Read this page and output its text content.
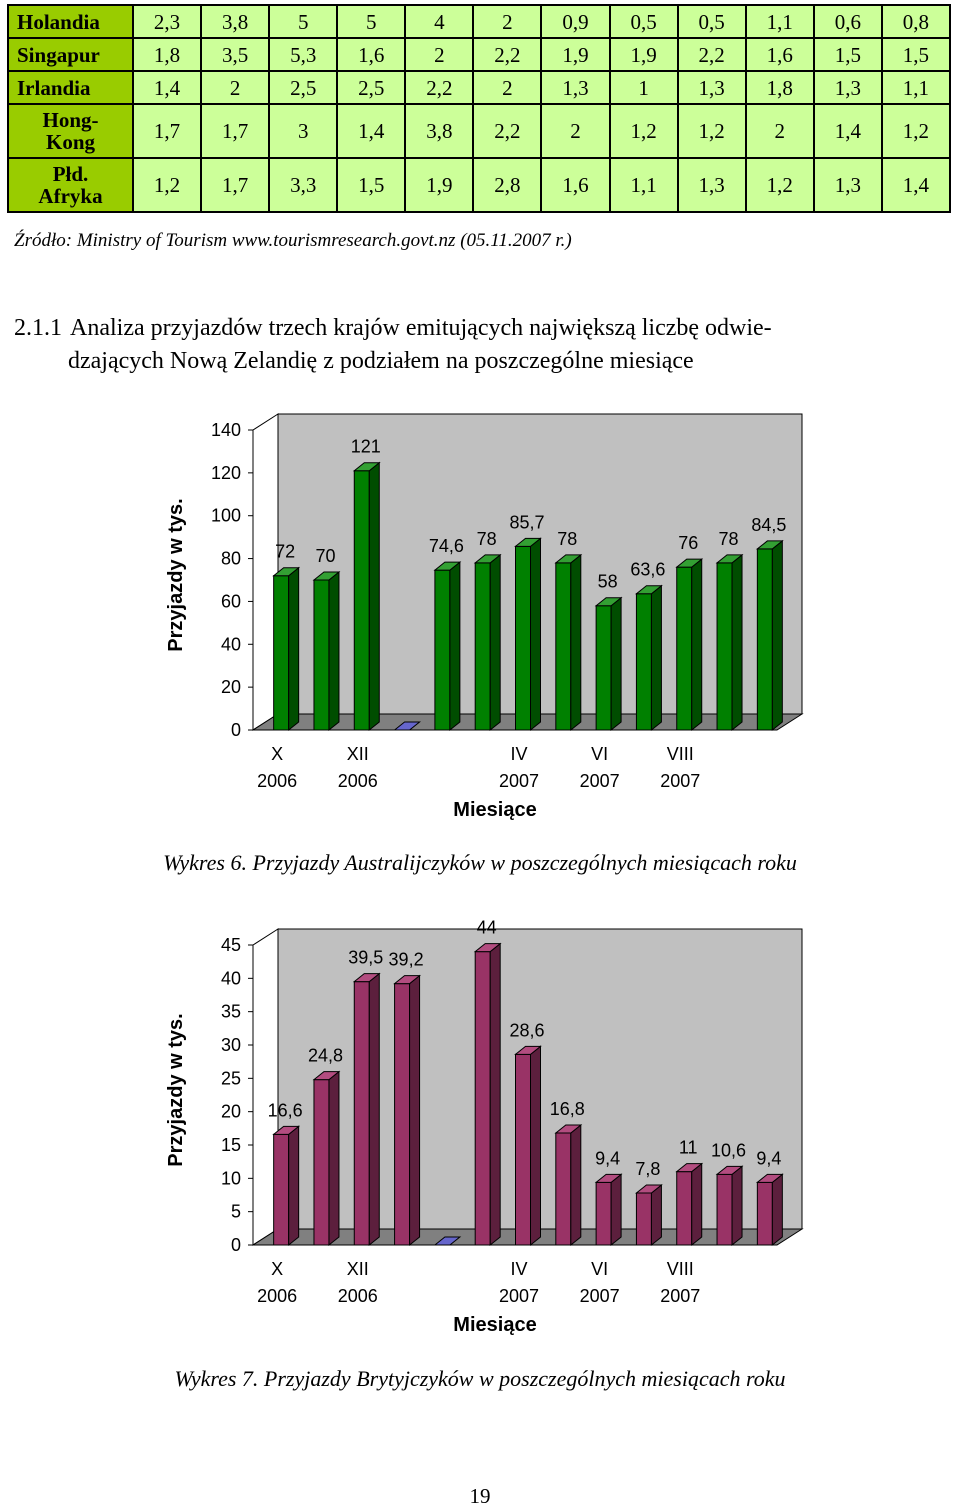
Holandia	2,3	3,8	5	5	4	2	0,9	0,5	0,5	1,1	0,6	0,8
Singapur	1,8	3,5	5,3	1,6	2	2,2	1,9	1,9	2,2	1,6	1,5	1,5
Irlandia	1,4	2	2,5	2,5	2,2	2	1,3	1	1,3	1,8	1,3	1,1

Hong-
Kong	1,7	1,7	3	1,4	3,8	2,2	2	1,2	1,2	2	1,4	1,2

Płd.
Afryka	1,2	1,7	3,3	1,5	1,9	2,8	1,6	1,1	1,3	1,2	1,3	1,4
Źródło: Ministry of Tourism www.tourismresearch.govt.nz (05.11.2007 r.)
2.1.1 Analiza przyjazdów trzech krajów emitujących największą liczbę odwie-
dzających Nową Zelandię z podziałem na poszczególne miesiące
0
20
40
60
80
100
120
140
Przyjazdy w tys.	72 70
121
74,6 78
85,7
78
58
63,6
76 78
84,5
X
2006
XII
2006
IV
2007
VI
2007
VIII
2007
Miesiące
Wykres 6. Przyjazdy Australijczyków w poszczególnych miesiącach roku
0
5
10
15
20
25
30
35
40
45
Przyjazdy w tys.	16,6
24,8
39,5 39,2
44
28,6
16,8
9,4
7,8
11 10,6 9,4
X
2006
XII
2006
IV
2007
VI
2007
VIII
2007
Miesiące
Wykres 7. Przyjazdy Brytyjczyków w poszczególnych miesiącach roku
19
